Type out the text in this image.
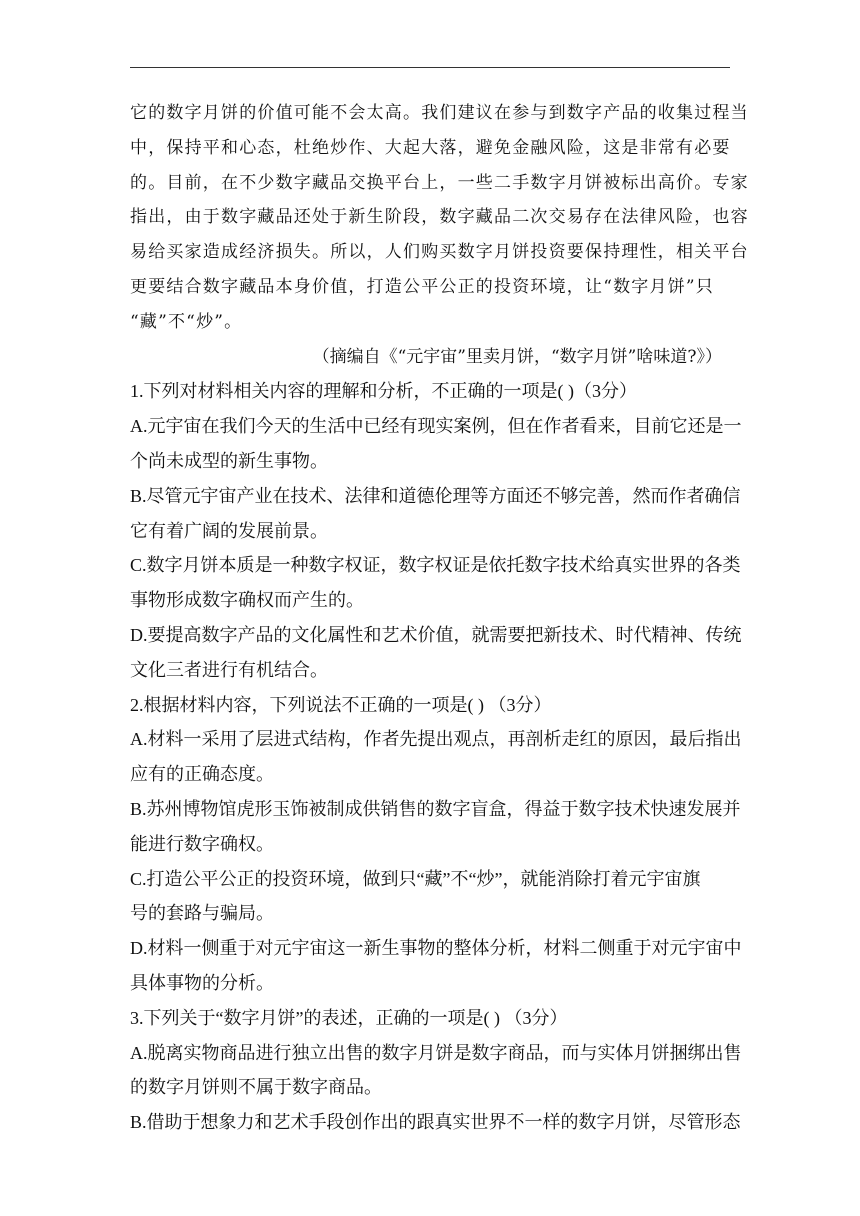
它的数字月饼的价值可能不会太高。我们建议在参与到数字产品的收集过程当

中，保持平和心态，杜绝炒作、大起大落，避免金融风险，这是非常有必要

的。目前，在不少数字藏品交换平台上，一些二手数字月饼被标出高价。专家

指出，由于数字藏品还处于新生阶段，数字藏品二次交易存在法律风险，也容

易给买家造成经济损失。所以，人们购买数字月饼投资要保持理性，相关平台

更要结合数字藏品本身价值，打造公平公正的投资环境，让“数字月饼”只

“藏”不“炒”。

（摘编自《“元宇宙”里卖月饼，“数字月饼”啥味道?》）

1.下列对材料相关内容的理解和分析，不正确的一项是( )（3分）

A.元宇宙在我们今天的生活中已经有现实案例，但在作者看来，目前它还是一

个尚未成型的新生事物。

B.尽管元宇宙产业在技术、法律和道德伦理等方面还不够完善，然而作者确信

它有着广阔的发展前景。

C.数字月饼本质是一种数字权证，数字权证是依托数字技术给真实世界的各类

事物形成数字确权而产生的。

D.要提高数字产品的文化属性和艺术价值，就需要把新技术、时代精神、传统

文化三者进行有机结合。

2.根据材料内容，下列说法不正确的一项是( ) （3分）

A.材料一采用了层进式结构，作者先提出观点，再剖析走红的原因，最后指出

应有的正确态度。

B.苏州博物馆虎形玉饰被制成供销售的数字盲盒，得益于数字技术快速发展并

能进行数字确权。

C.打造公平公正的投资环境，做到只“藏”不“炒”，就能消除打着元宇宙旗

号的套路与骗局。

D.材料一侧重于对元宇宙这一新生事物的整体分析，材料二侧重于对元宇宙中

具体事物的分析。

3.下列关于“数字月饼”的表述，正确的一项是( ) （3分）

A.脱离实物商品进行独立出售的数字月饼是数字商品，而与实体月饼捆绑出售

的数字月饼则不属于数字商品。

B.借助于想象力和艺术手段创作出的跟真实世界不一样的数字月饼，尽管形态
